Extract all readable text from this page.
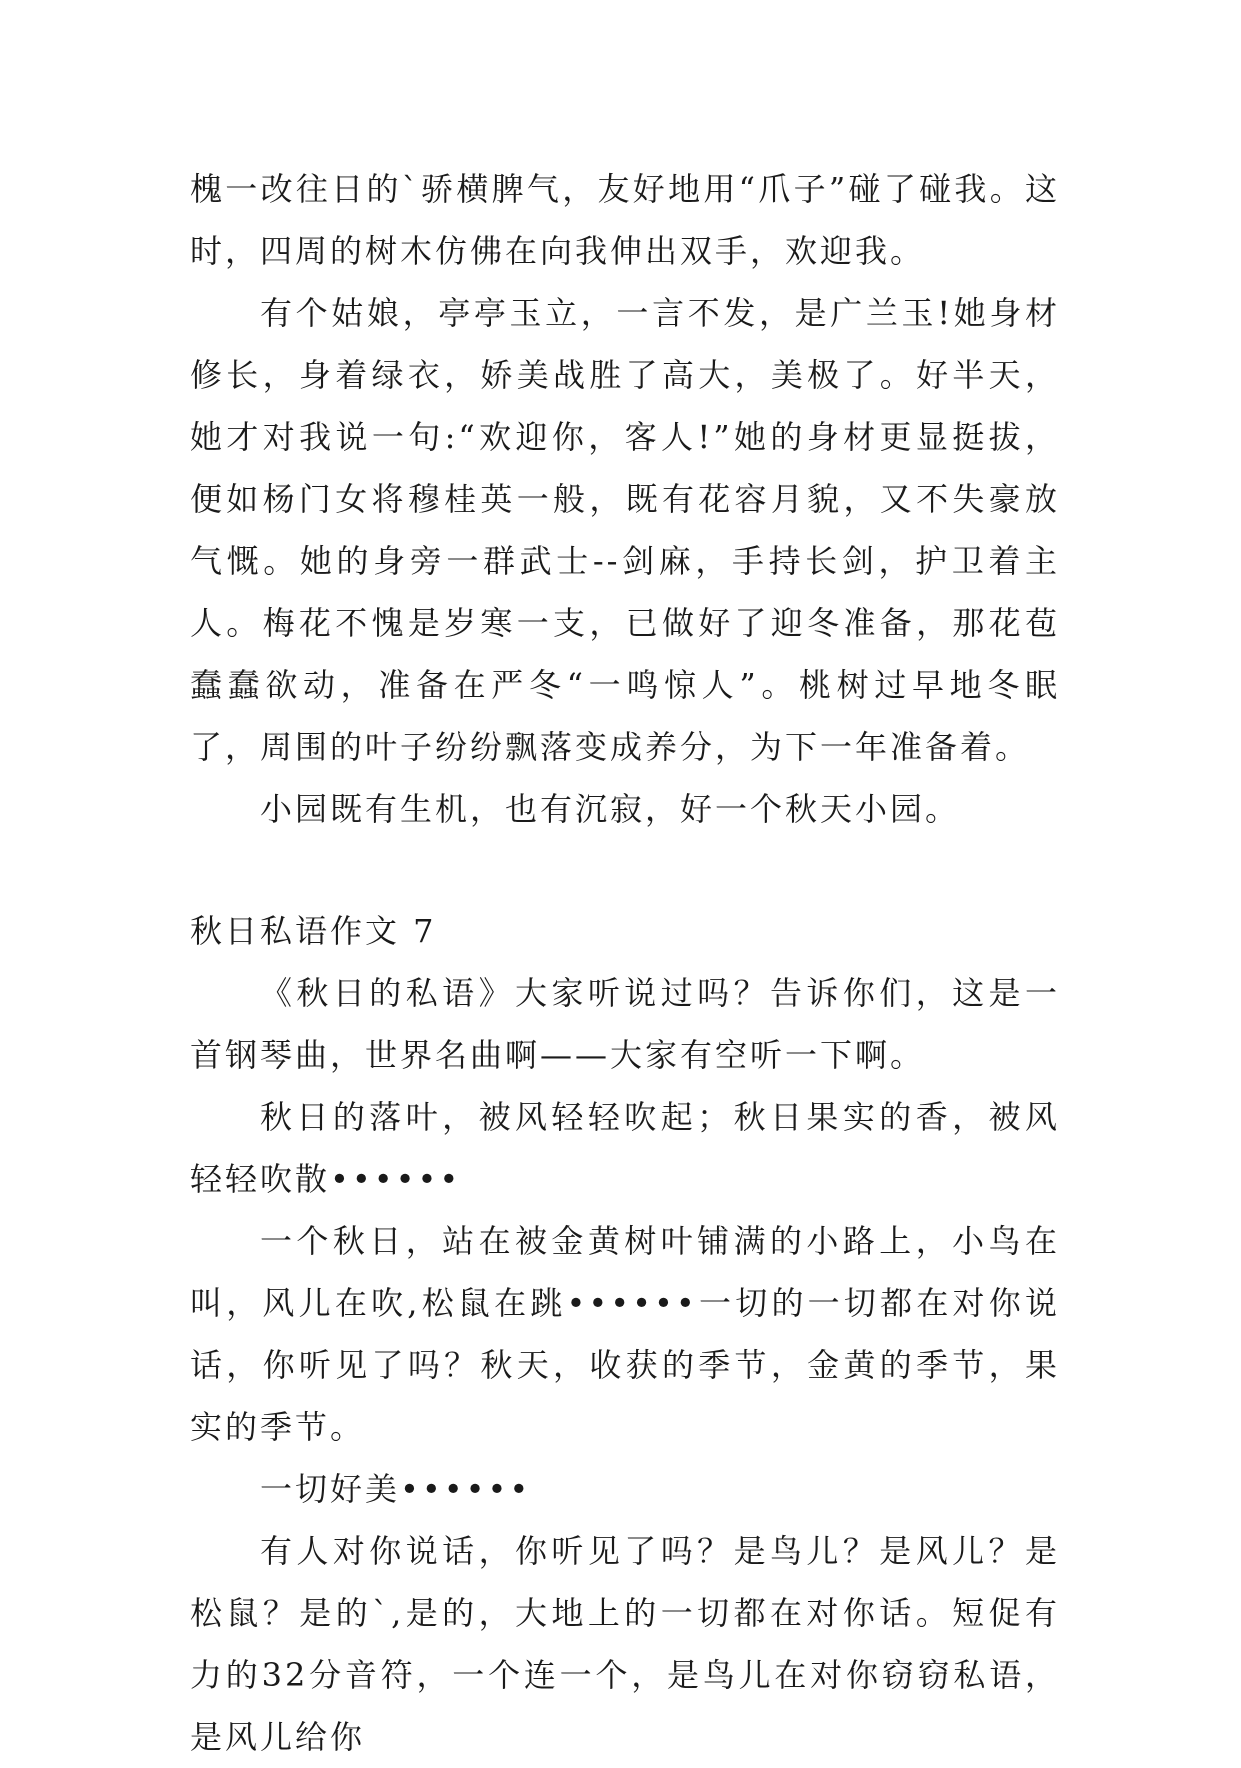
槐一改往日的`骄横脾气，友好地用“爪子”碰了碰我。这时，四周的树木仿佛在向我伸出双手，欢迎我。

有个姑娘，亭亭玉立，一言不发，是广兰玉!她身材修长，身着绿衣，娇美战胜了高大，美极了。好半天，她才对我说一句:“欢迎你，客人!”她的身材更显挺拔，便如杨门女将穆桂英一般，既有花容月貌，又不失豪放气慨。她的身旁一群武士--剑麻，手持长剑，护卫着主人。梅花不愧是岁寒一支，已做好了迎冬准备，那花苞蠢蠢欲动，准备在严冬“一鸣惊人”。桃树过早地冬眠了，周围的叶子纷纷飘落变成养分，为下一年准备着。

小园既有生机，也有沉寂，好一个秋天小园。

秋日私语作文 7

《秋日的私语》大家听说过吗？告诉你们，这是一首钢琴曲，世界名曲啊——大家有空听一下啊。

秋日的落叶，被风轻轻吹起；秋日果实的香，被风轻轻吹散••••••

一个秋日，站在被金黄树叶铺满的小路上，小鸟在叫，风儿在吹,松鼠在跳••••••一切的一切都在对你说话，你听见了吗？秋天，收获的季节，金黄的季节，果实的季节。

一切好美••••••

有人对你说话，你听见了吗？是鸟儿？是风儿？是松鼠？是的`,是的，大地上的一切都在对你话。短促有力的32分音符，一个连一个，是鸟儿在对你窃窃私语，是风儿给你
